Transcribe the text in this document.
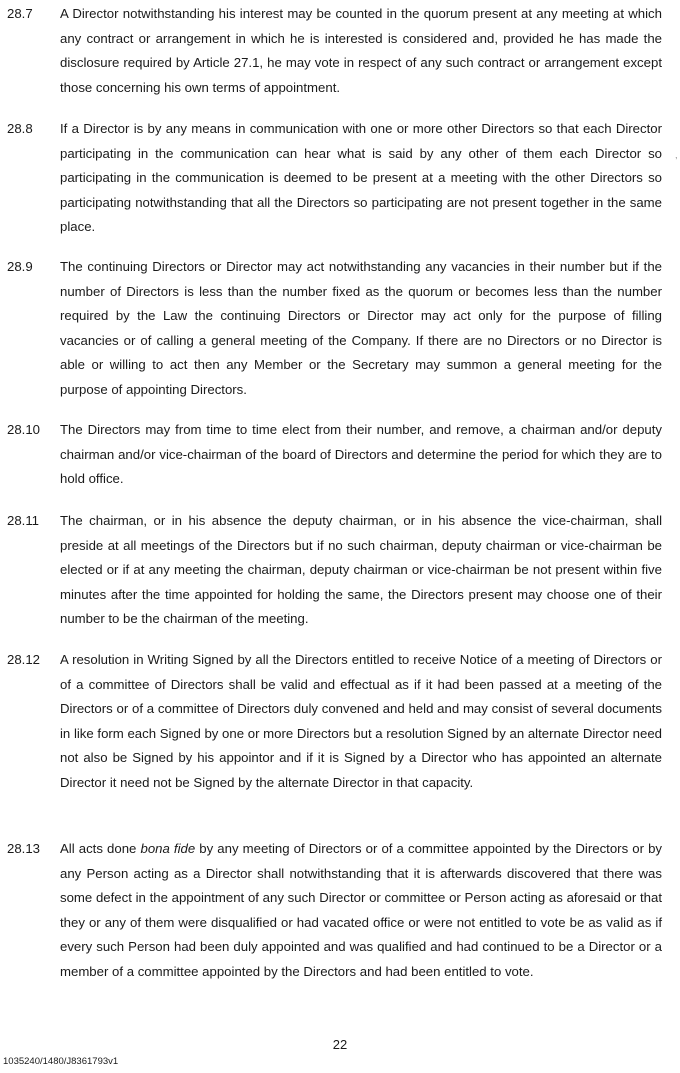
28.7 A Director notwithstanding his interest may be counted in the quorum present at any meeting at which any contract or arrangement in which he is interested is considered and, provided he has made the disclosure required by Article 27.1, he may vote in respect of any such contract or arrangement except those concerning his own terms of appointment.
28.8 If a Director is by any means in communication with one or more other Directors so that each Director participating in the communication can hear what is said by any other of them each Director so participating in the communication is deemed to be present at a meeting with the other Directors so participating notwithstanding that all the Directors so participating are not present together in the same place.
,
28.9 The continuing Directors or Director may act notwithstanding any vacancies in their number but if the number of Directors is less than the number fixed as the quorum or becomes less than the number required by the Law the continuing Directors or Director may act only for the purpose of filling vacancies or of calling a general meeting of the Company. If there are no Directors or no Director is able or willing to act then any Member or the Secretary may summon a general meeting for the purpose of appointing Directors.
28.10 The Directors may from time to time elect from their number, and remove, a chairman and/or deputy chairman and/or vice-chairman of the board of Directors and determine the period for which they are to hold office.
28.11 The chairman, or in his absence the deputy chairman, or in his absence the vice-chairman, shall preside at all meetings of the Directors but if no such chairman, deputy chairman or vice-chairman be elected or if at any meeting the chairman, deputy chairman or vice-chairman be not present within five minutes after the time appointed for holding the same, the Directors present may choose one of their number to be the chairman of the meeting.
28.12 A resolution in Writing Signed by all the Directors entitled to receive Notice of a meeting of Directors or of a committee of Directors shall be valid and effectual as if it had been passed at a meeting of the Directors or of a committee of Directors duly convened and held and may consist of several documents in like form each Signed by one or more Directors but a resolution Signed by an alternate Director need not also be Signed by his appointor and if it is Signed by a Director who has appointed an alternate Director it need not be Signed by the alternate Director in that capacity.
28.13 All acts done bona fide by any meeting of Directors or of a committee appointed by the Directors or by any Person acting as a Director shall notwithstanding that it is afterwards discovered that there was some defect in the appointment of any such Director or committee or Person acting as aforesaid or that they or any of them were disqualified or had vacated office or were not entitled to vote be as valid as if every such Person had been duly appointed and was qualified and had continued to be a Director or a member of a committee appointed by the Directors and had been entitled to vote.
22
1035240/1480/J8361793v1
